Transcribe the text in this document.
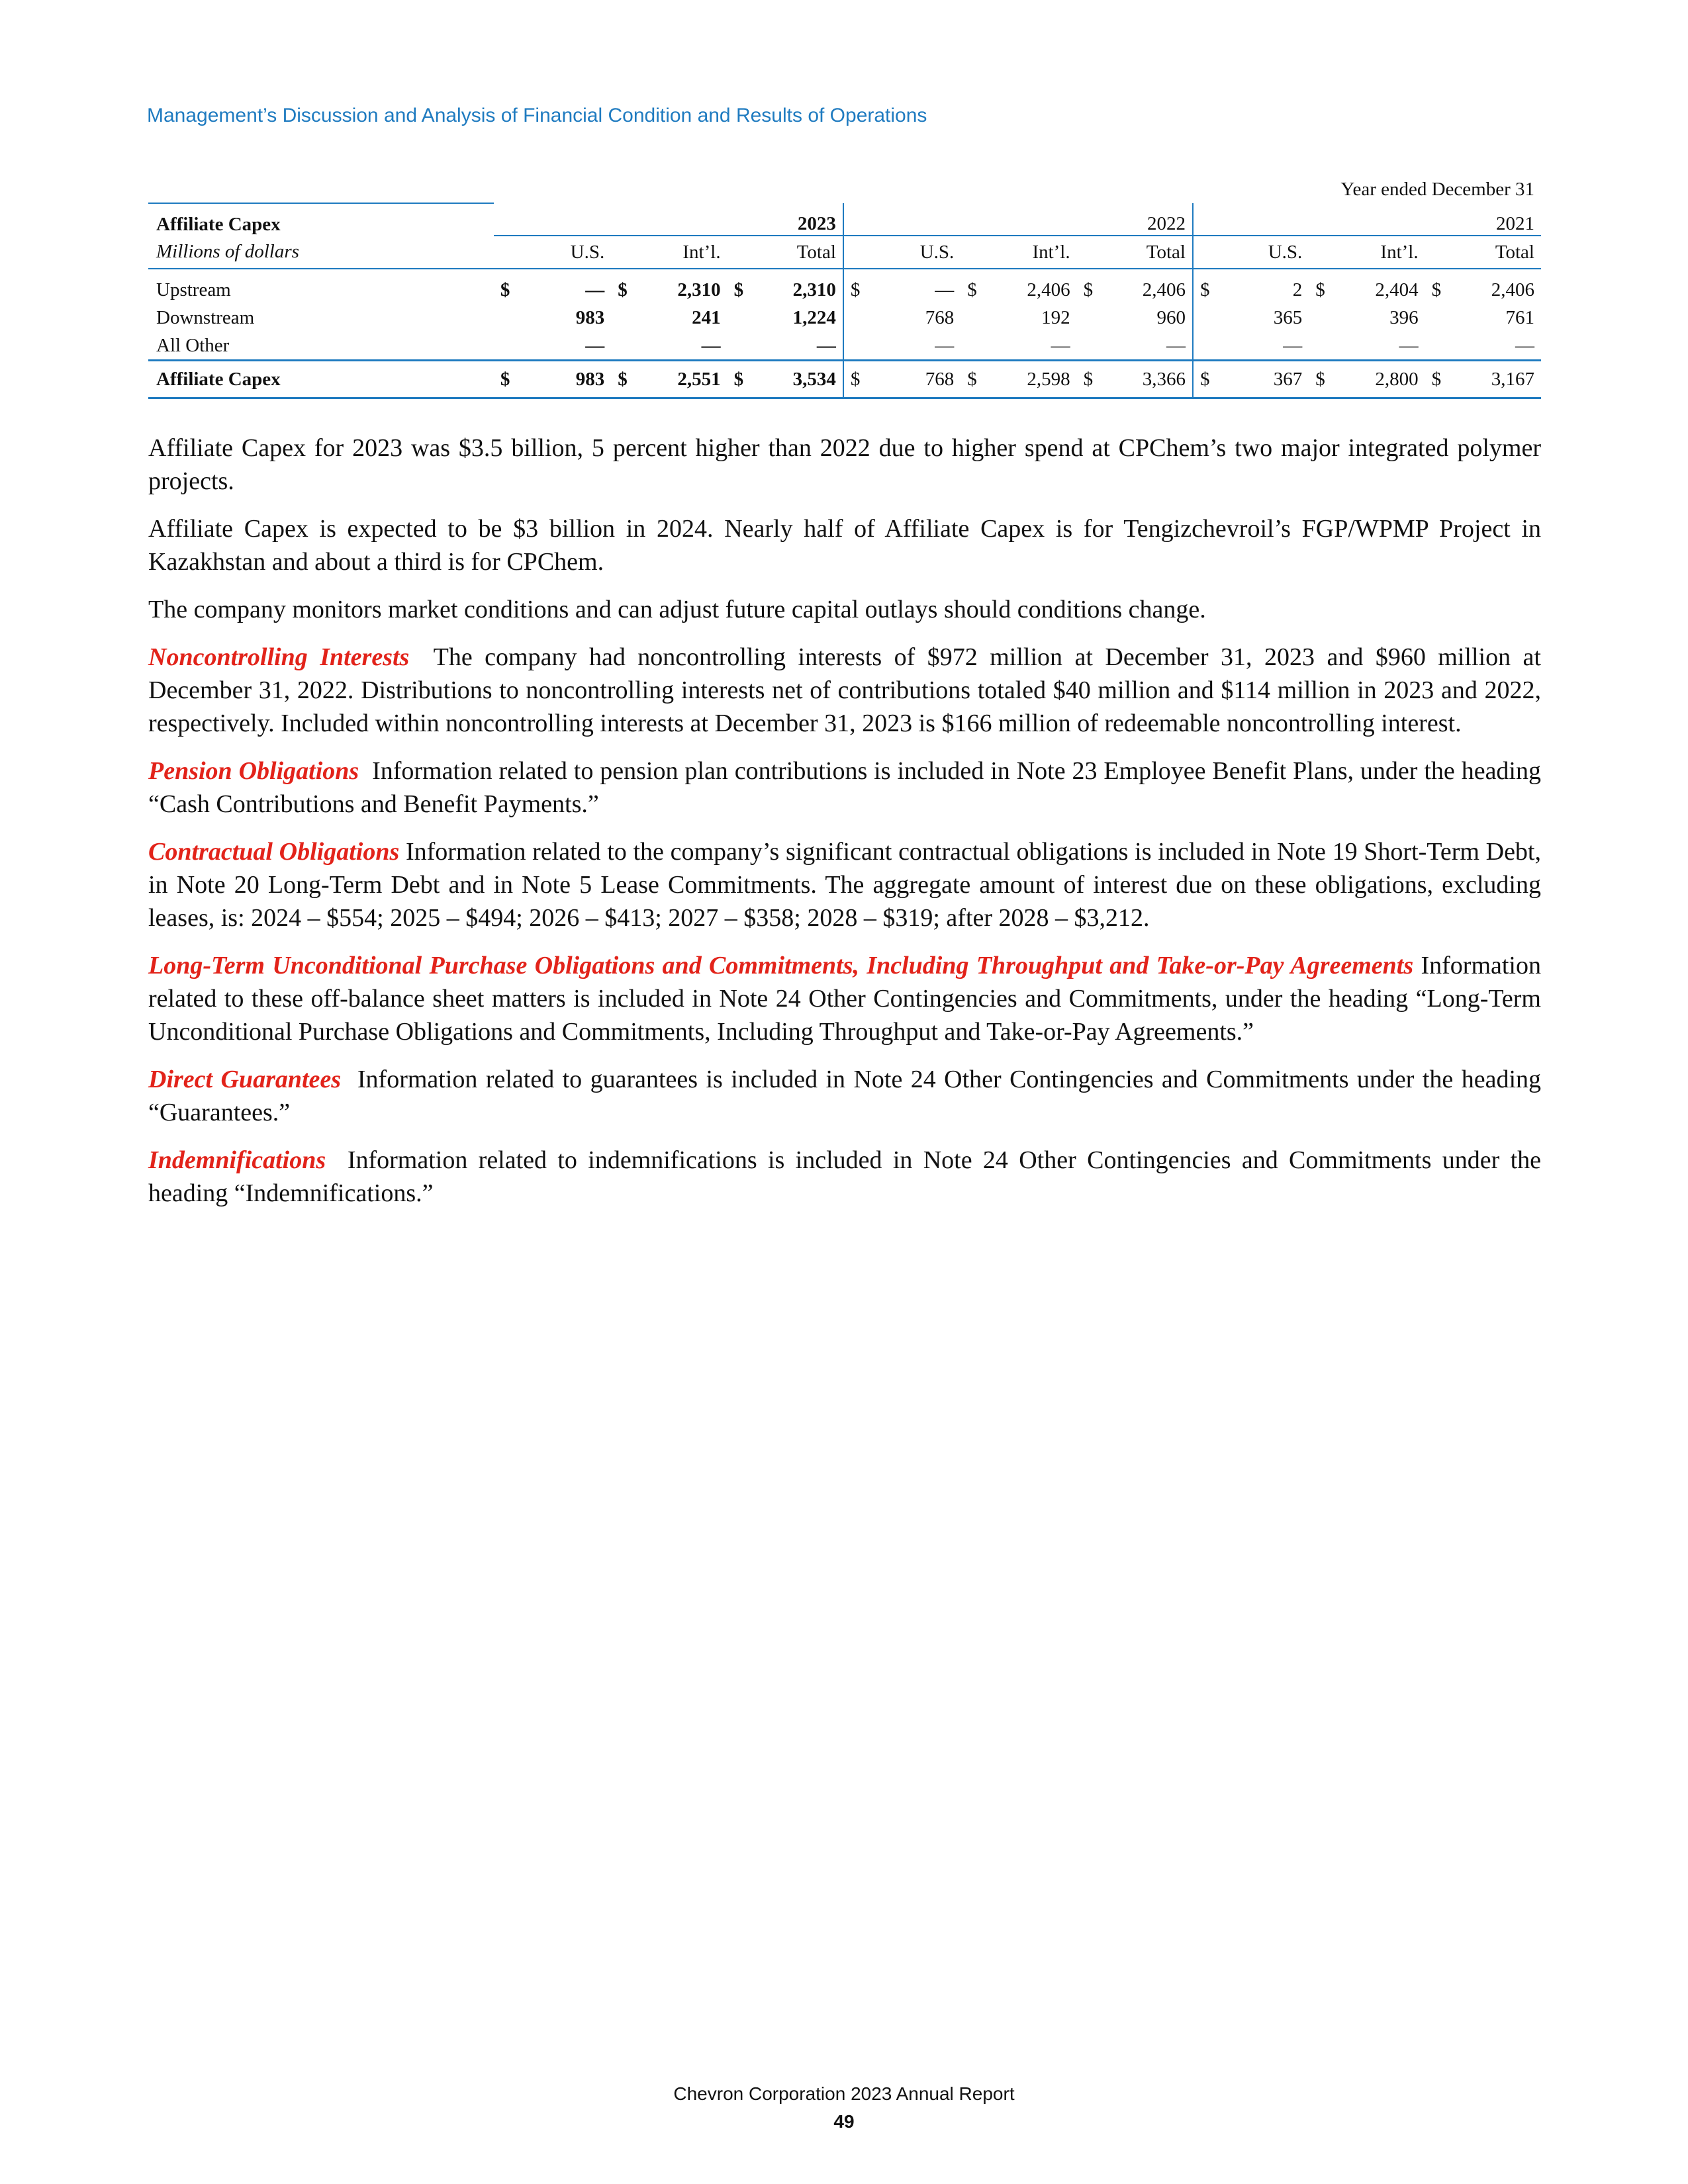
Management’s Discussion and Analysis of Financial Condition and Results of Operations
Year ended December 31
Affiliate Capex						2023						2022						2021
Millions of dollars		U.S.		Int’l.		Total		U.S.		Int’l.		Total		U.S.		Int’l.		Total
Upstream	$	—	$	2,310	$	2,310	$	—	$	2,406	$	2,406	$	2	$	2,404	$	2,406
Downstream		983		241		1,224		768		192		960		365		396		761
All Other		—		—		—		—		—		—		—		—		—
Affiliate Capex	$	983	$	2,551	$	3,534	$	768	$	2,598	$	3,366	$	367	$	2,800	$	3,167

Affiliate Capex for 2023 was $3.5 billion, 5 percent higher than 2022 due to higher spend at CPChem’s two major integrated polymer projects.

Affiliate Capex is expected to be $3 billion in 2024. Nearly half of Affiliate Capex is for Tengizchevroil’s FGP/WPMP Project in Kazakhstan and about a third is for CPChem.

The company monitors market conditions and can adjust future capital outlays should conditions change.

Noncontrolling Interests The company had noncontrolling interests of $972 million at December 31, 2023 and $960 million at December 31, 2022. Distributions to noncontrolling interests net of contributions totaled $40 million and $114 million in 2023 and 2022, respectively. Included within noncontrolling interests at December 31, 2023 is $166 million of redeemable noncontrolling interest.

Pension Obligations Information related to pension plan contributions is included in Note 23 Employee Benefit Plans, under the heading “Cash Contributions and Benefit Payments.”

Contractual Obligations Information related to the company’s significant contractual obligations is included in Note 19 Short-Term Debt, in Note 20 Long-Term Debt and in Note 5 Lease Commitments. The aggregate amount of interest due on these obligations, excluding leases, is: 2024 – $554; 2025 – $494; 2026 – $413; 2027 – $358; 2028 – $319; after 2028 – $3,212.

Long-Term Unconditional Purchase Obligations and Commitments, Including Throughput and Take-or-Pay Agreements Information related to these off-balance sheet matters is included in Note 24 Other Contingencies and Commitments, under the heading “Long-Term Unconditional Purchase Obligations and Commitments, Including Throughput and Take-or-Pay Agreements.”

Direct Guarantees Information related to guarantees is included in Note 24 Other Contingencies and Commitments under the heading “Guarantees.”

Indemnifications Information related to indemnifications is included in Note 24 Other Contingencies and Commitments under the heading “Indemnifications.”

Chevron Corporation 2023 Annual Report
49
